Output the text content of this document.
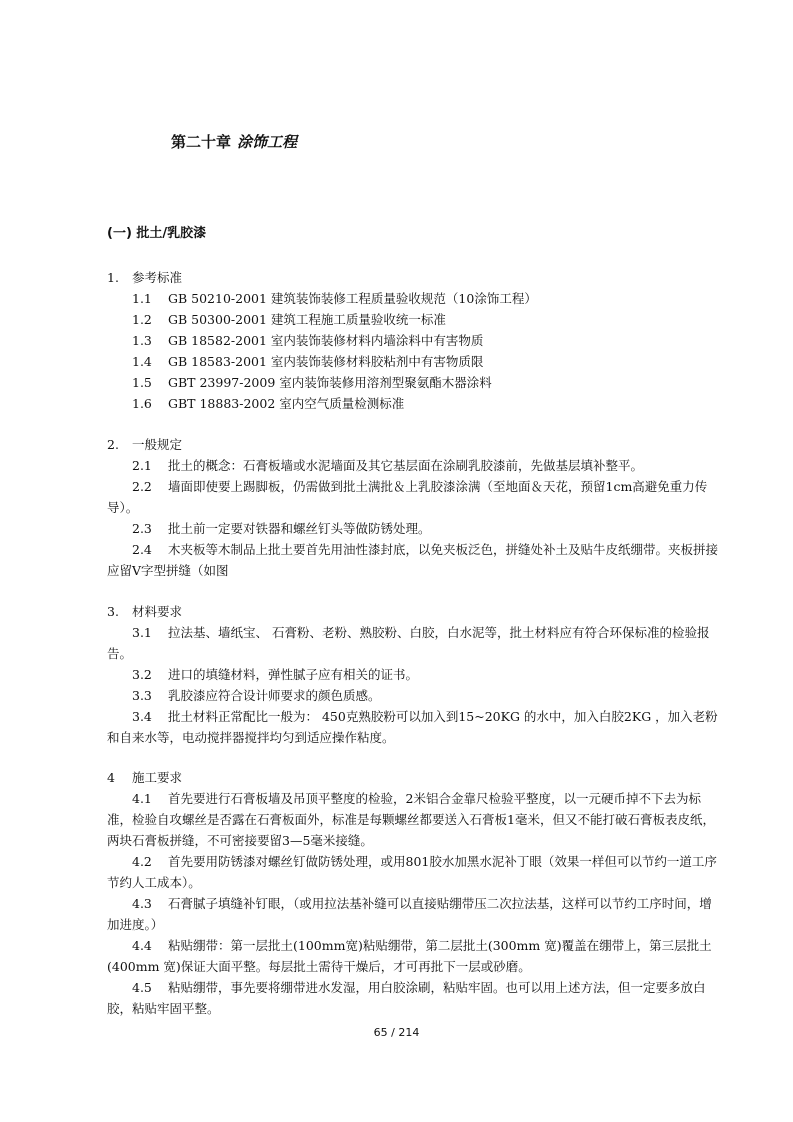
第二十章 涂饰工程
(一) 批土/乳胶漆
1. 参考标准
1.1 GB 50210-2001 建筑装饰装修工程质量验收规范（10涂饰工程）
1.2 GB 50300-2001 建筑工程施工质量验收统一标准
1.3 GB 18582-2001 室内装饰装修材料内墙涂料中有害物质
1.4 GB 18583-2001 室内装饰装修材料胶粘剂中有害物质限
1.5 GBT 23997-2009 室内装饰装修用溶剂型聚氨酯木器涂料
1.6 GBT 18883-2002 室内空气质量检测标准
2. 一般规定
2.1 批土的概念：石膏板墙或水泥墙面及其它基层面在涂刷乳胶漆前，先做基层填补整平。
2.2 墙面即使要上踢脚板，仍需做到批土满批＆上乳胶漆涂满（至地面＆天花，预留1cm高避免重力传导）。
2.3 批土前一定要对铁器和螺丝钉头等做防锈处理。
2.4 木夹板等木制品上批土要首先用油性漆封底，以免夹板泛色，拼缝处补土及贴牛皮纸绷带。夹板拼接应留Ⅴ字型拼缝（如图
3. 材料要求
3.1 拉法基、墙纸宝、 石膏粉、老粉、熟胶粉、白胶，白水泥等，批土材料应有符合环保标准的检验报告。
3.2 进口的填缝材料，弹性腻子应有相关的证书。
3.3 乳胶漆应符合设计师要求的颜色质感。
3.4 批土材料正常配比一般为： 450克熟胶粉可以加入到15~20KG 的水中，加入白胶2KG ，加入老粉和自来水等，电动搅拌器搅拌均匀到适应操作粘度。
4 施工要求
4.1 首先要进行石膏板墙及吊顶平整度的检验，2米铝合金靠尺检验平整度，以一元硬币掉不下去为标准，检验自攻螺丝是否露在石膏板面外，标准是每颗螺丝都要送入石膏板1毫米，但又不能打破石膏板表皮纸，两块石膏板拼缝，不可密接要留3—5毫米接缝。
4.2 首先要用防锈漆对螺丝钉做防锈处理，或用801胶水加黑水泥补丁眼（效果一样但可以节约一道工序节约人工成本）。
4.3 石膏腻子填缝补钉眼，（或用拉法基补缝可以直接贴绷带压二次拉法基，这样可以节约工序时间，增加进度。）
4.4 粘贴绷带：第一层批土(100mm宽)粘贴绷带，第二层批土(300mm 宽)覆盖在绷带上，第三层批土(400mm 宽)保证大面平整。每层批土需待干燥后，才可再批下一层或砂磨。
4.5 粘贴绷带，事先要将绷带进水发湿，用白胶涂刷，粘贴牢固。也可以用上述方法，但一定要多放白胶，粘贴牢固平整。
65 / 214
